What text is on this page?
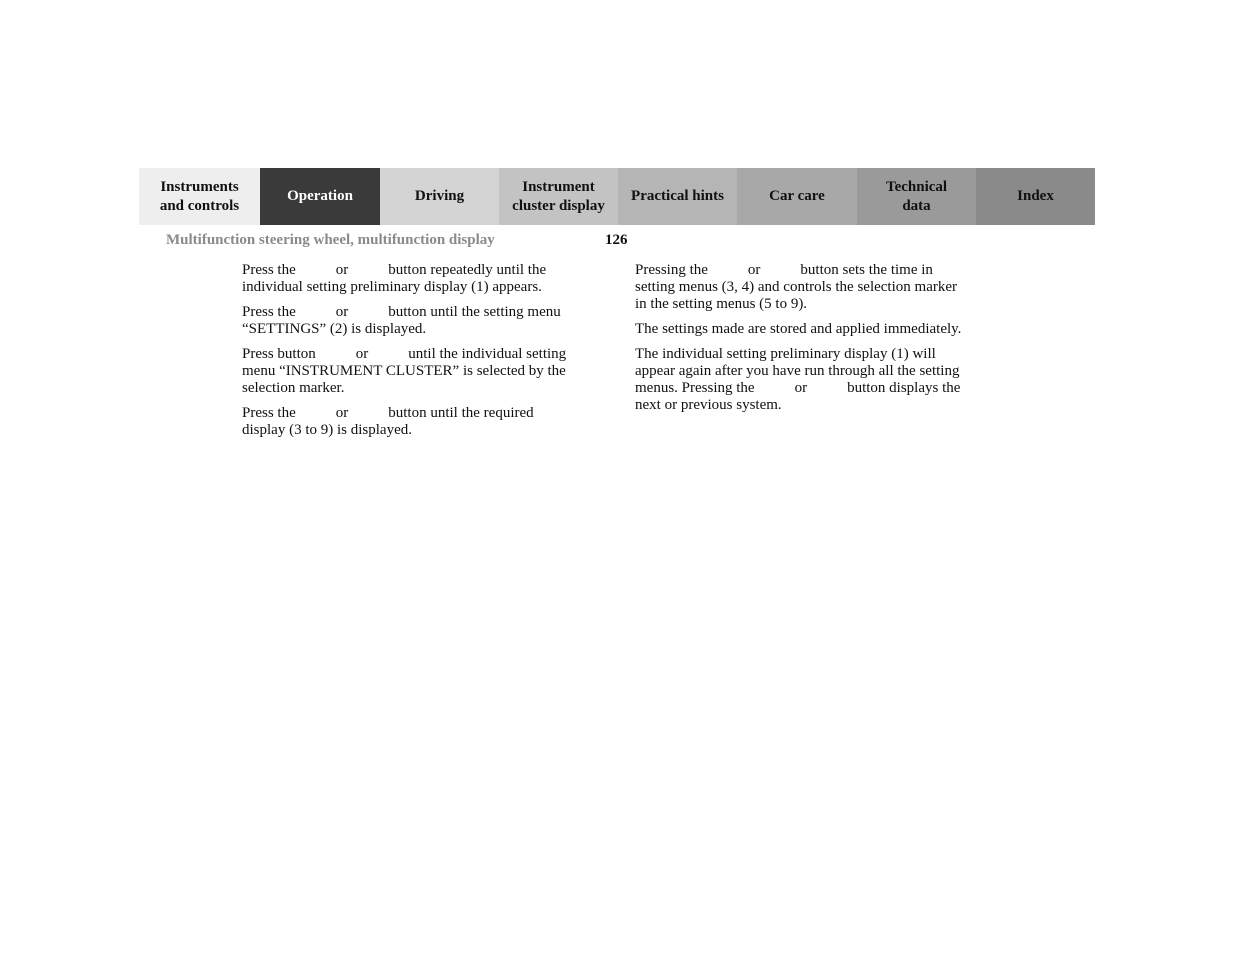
Instruments
and controls
Operation	Driving
Instrument
cluster display
Practical hints	Car care
Technical
data
Index
Multifunction steering wheel, multifunction display	126

Press the	or	button repeatedly until the
individual setting preliminary display (1) appears.

Press the	or	button until the setting menu
“SETTINGS” (2) is displayed.

Press button	or	until the individual setting
menu “INSTRUMENT CLUSTER” is selected by the
selection marker.

Press the	or	button until the required
display (3 to 9) is displayed.

Pressing the	or	button sets the time in
setting menus (3, 4) and controls the selection marker
in the setting menus (5 to 9).

The settings made are stored and applied immediately.

The individual setting preliminary display (1) will
appear again after you have run through all the setting
menus. Pressing the	or	button displays the
next or previous system.
